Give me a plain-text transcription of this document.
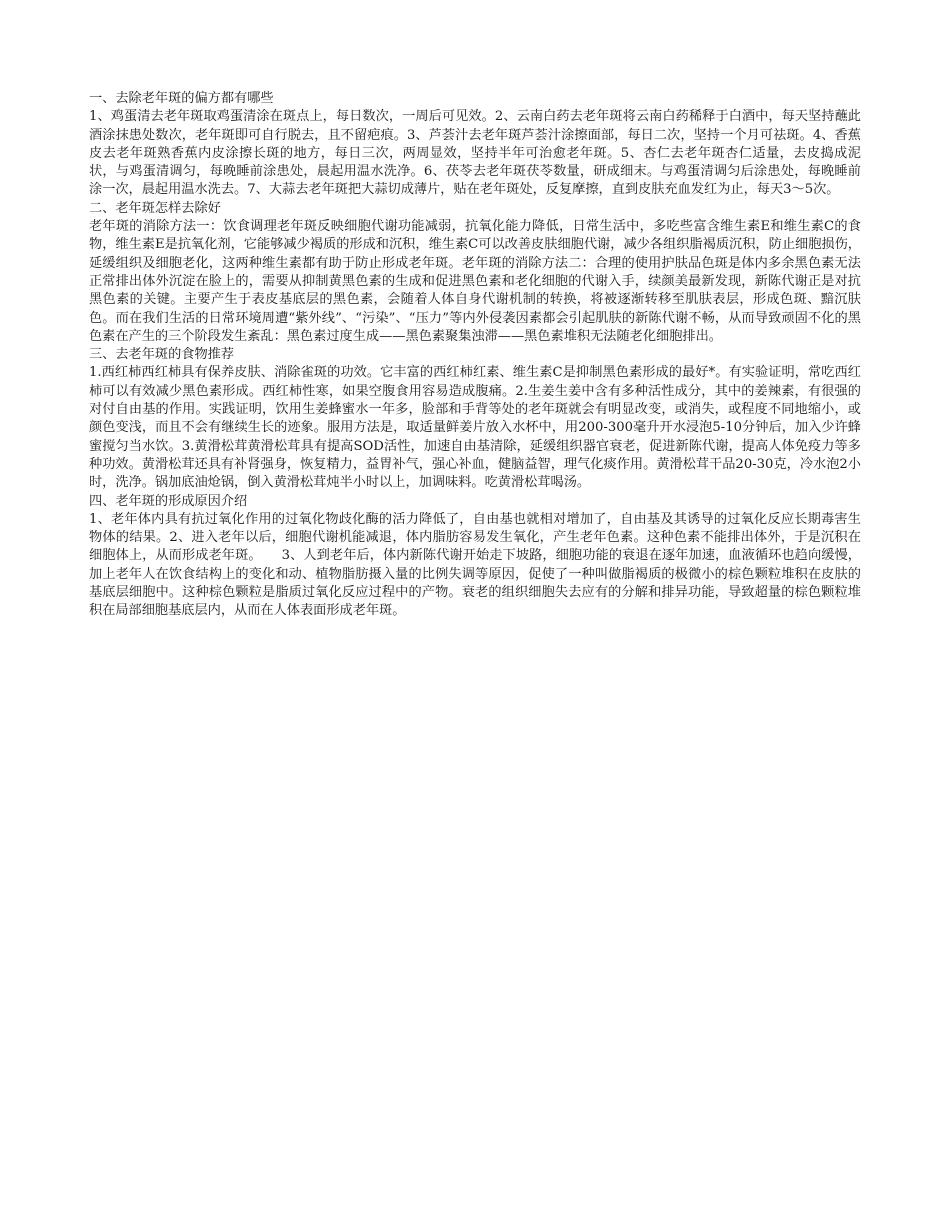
一、去除老年斑的偏方都有哪些

1、鸡蛋清去老年斑取鸡蛋清涂在斑点上，每日数次，一周后可见效。2、云南白药去老年斑将云南白药稀释于白酒中，每天坚持蘸此酒涂抹患处数次，老年斑即可自行脱去，且不留疤痕。3、芦荟汁去老年斑芦荟汁涂擦面部，每日二次，坚持一个月可祛斑。4、香蕉皮去老年斑熟香蕉内皮涂擦长斑的地方，每日三次，两周显效，坚持半年可治愈老年斑。5、杏仁去老年斑杏仁适量，去皮捣成泥状，与鸡蛋清调匀，每晚睡前涂患处，晨起用温水洗净。6、茯苓去老年斑茯苓数量，研成细末。与鸡蛋清调匀后涂患处，每晚睡前涂一次，晨起用温水洗去。7、大蒜去老年斑把大蒜切成薄片，贴在老年斑处，反复摩擦，直到皮肤充血发红为止，每天3～5次。

二、老年斑怎样去除好

老年斑的消除方法一：饮食调理老年斑反映细胞代谢功能减弱，抗氧化能力降低，日常生活中，多吃些富含维生素E和维生素C的食物，维生素E是抗氧化剂，它能够减少褐质的形成和沉积，维生素C可以改善皮肤细胞代谢，减少各组织脂褐质沉积，防止细胞损伤，延缓组织及细胞老化，这两种维生素都有助于防止形成老年斑。老年斑的消除方法二：合理的使用护肤品色斑是体内多余黑色素无法正常排出体外沉淀在脸上的，需要从抑制黄黑色素的生成和促进黑色素和老化细胞的代谢入手，续颜美最新发现，新陈代谢正是对抗黑色素的关键。主要产生于表皮基底层的黑色素，会随着人体自身代谢机制的转换，将被逐渐转移至肌肤表层，形成色斑、黯沉肤色。而在我们生活的日常环境周遭“紫外线”、“污染”、“压力”等内外侵袭因素都会引起肌肤的新陈代谢不畅，从而导致顽固不化的黑色素在产生的三个阶段发生紊乱：黑色素过度生成——黑色素聚集浊滞——黑色素堆积无法随老化细胞排出。

三、去老年斑的食物推荐

1.西红柿西红柿具有保养皮肤、消除雀斑的功效。它丰富的西红柿红素、维生素C是抑制黑色素形成的最好*。有实验证明，常吃西红柿可以有效减少黑色素形成。西红柿性寒，如果空腹食用容易造成腹痛。2.生姜生姜中含有多种活性成分，其中的姜辣素，有很强的对付自由基的作用。实践证明，饮用生姜蜂蜜水一年多，脸部和手背等处的老年斑就会有明显改变，或消失，或程度不同地缩小，或颜色变浅，而且不会有继续生长的迹象。服用方法是，取适量鲜姜片放入水杯中，用200-300毫升开水浸泡5-10分钟后，加入少许蜂蜜搅匀当水饮。3.黄滑松茸黄滑松茸具有提高SOD活性，加速自由基清除，延缓组织器官衰老，促进新陈代谢，提高人体免疫力等多种功效。黄滑松茸还具有补肾强身，恢复精力，益胃补气，强心补血，健脑益智，理气化痰作用。黄滑松茸干品20-30克，冷水泡2小时，洗净。锅加底油炝锅，倒入黄滑松茸炖半小时以上，加调味料。吃黄滑松茸喝汤。

四、老年斑的形成原因介绍

1、老年体内具有抗过氧化作用的过氧化物歧化酶的活力降低了，自由基也就相对增加了，自由基及其诱导的过氧化反应长期毒害生物体的结果。2、进入老年以后，细胞代谢机能减退，体内脂肪容易发生氧化，产生老年色素。这种色素不能排出体外，于是沉积在细胞体上，从而形成老年斑。　　3、人到老年后，体内新陈代谢开始走下坡路，细胞功能的衰退在逐年加速，血液循环也趋向缓慢，加上老年人在饮食结构上的变化和动、植物脂肪摄入量的比例失调等原因，促使了一种叫做脂褐质的极微小的棕色颗粒堆积在皮肤的基底层细胞中。这种棕色颗粒是脂质过氧化反应过程中的产物。衰老的组织细胞失去应有的分解和排异功能，导致超量的棕色颗粒堆积在局部细胞基底层内，从而在人体表面形成老年斑。
